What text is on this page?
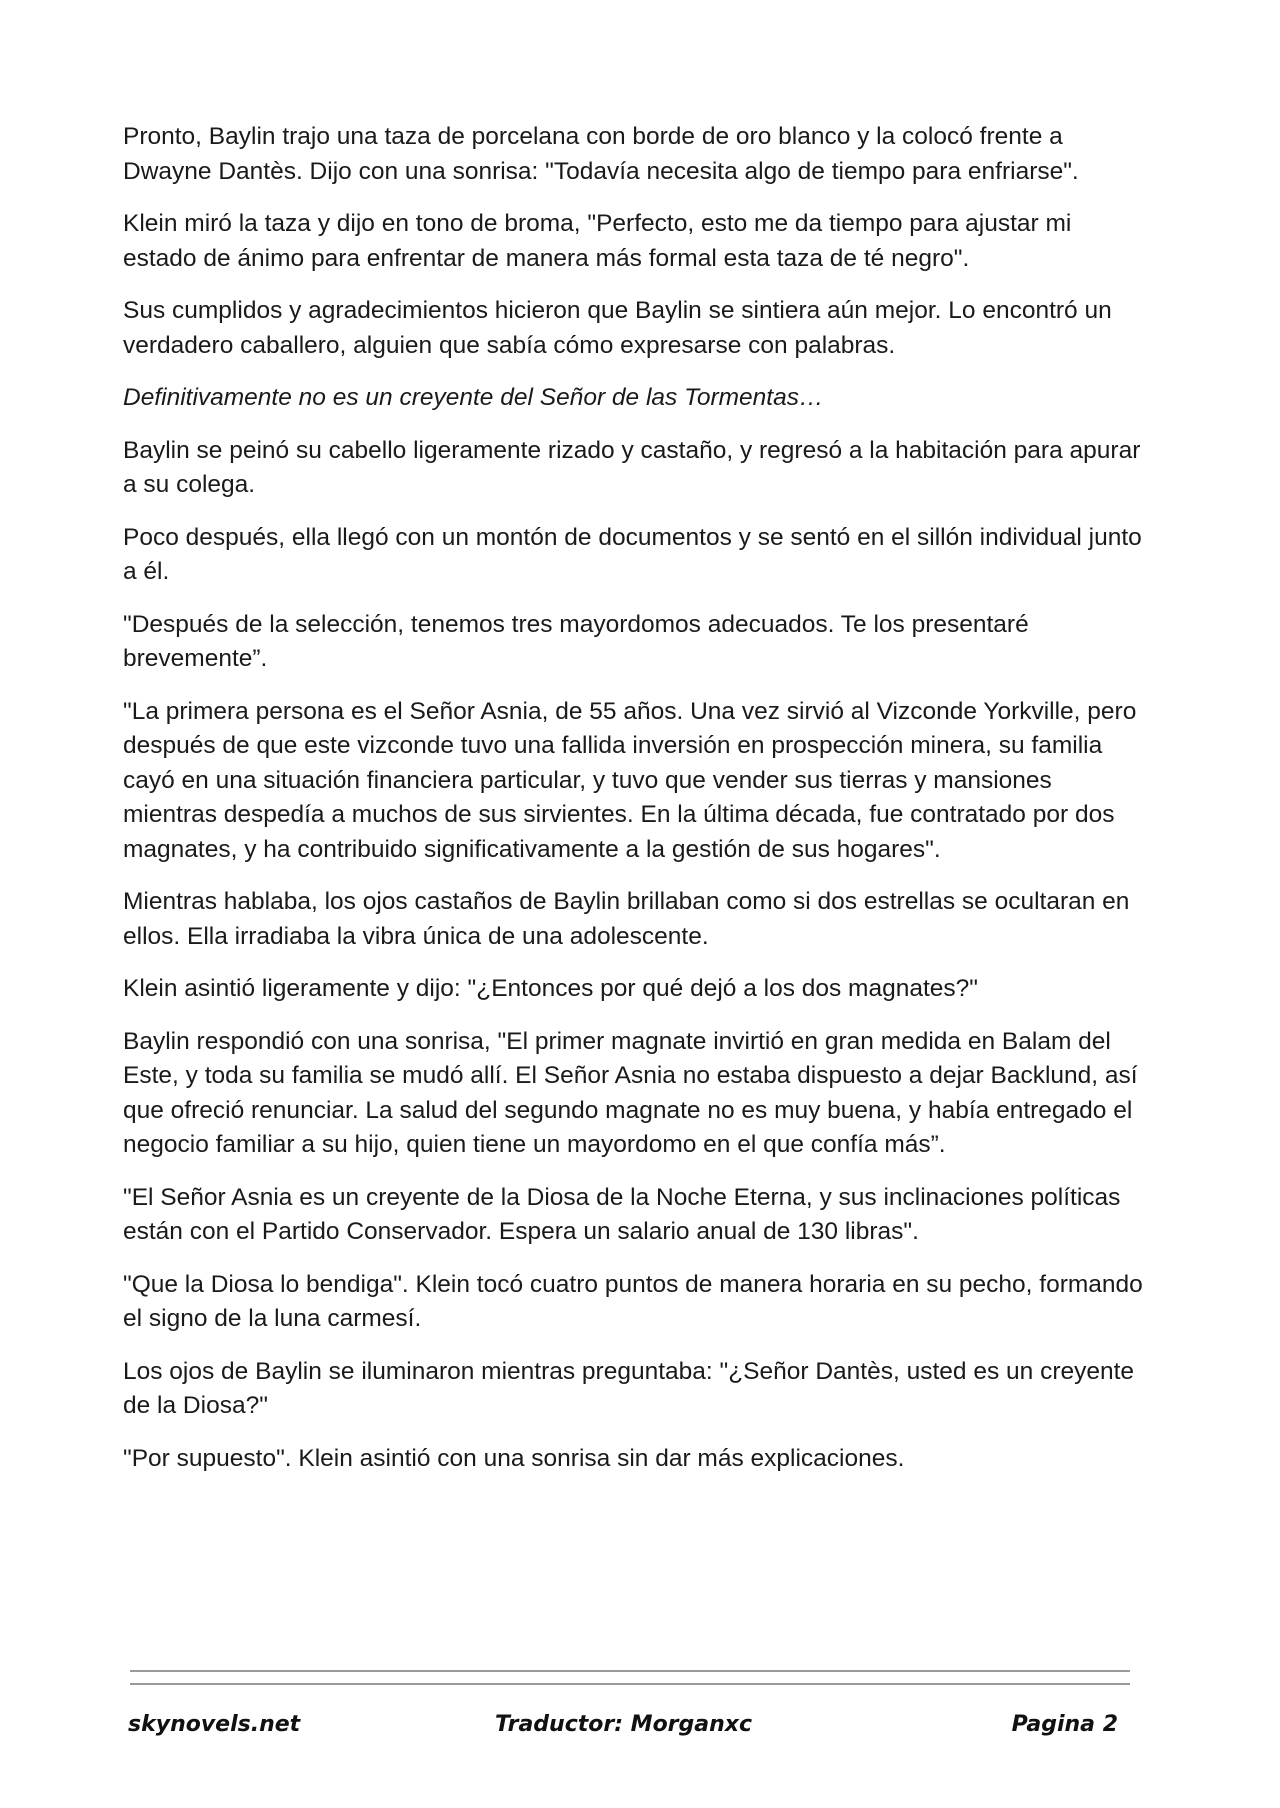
Pronto, Baylin trajo una taza de porcelana con borde de oro blanco y la colocó frente a Dwayne Dantès. Dijo con una sonrisa: "Todavía necesita algo de tiempo para enfriarse".

Klein miró la taza y dijo en tono de broma, "Perfecto, esto me da tiempo para ajustar mi estado de ánimo para enfrentar de manera más formal esta taza de té negro".

Sus cumplidos y agradecimientos hicieron que Baylin se sintiera aún mejor. Lo encontró un verdadero caballero, alguien que sabía cómo expresarse con palabras.

Definitivamente no es un creyente del Señor de las Tormentas…

Baylin se peinó su cabello ligeramente rizado y castaño, y regresó a la habitación para apurar a su colega.

Poco después, ella llegó con un montón de documentos y se sentó en el sillón individual junto a él.

"Después de la selección, tenemos tres mayordomos adecuados. Te los presentaré brevemente”.

"La primera persona es el Señor Asnia, de 55 años. Una vez sirvió al Vizconde Yorkville, pero después de que este vizconde tuvo una fallida inversión en prospección minera, su familia cayó en una situación financiera particular, y tuvo que vender sus tierras y mansiones mientras despedía a muchos de sus sirvientes. En la última década, fue contratado por dos magnates, y ha contribuido significativamente a la gestión de sus hogares".

Mientras hablaba, los ojos castaños de Baylin brillaban como si dos estrellas se ocultaran en ellos. Ella irradiaba la vibra única de una adolescente.

Klein asintió ligeramente y dijo: "¿Entonces por qué dejó a los dos magnates?"

Baylin respondió con una sonrisa, "El primer magnate invirtió en gran medida en Balam del Este, y toda su familia se mudó allí. El Señor Asnia no estaba dispuesto a dejar Backlund, así que ofreció renunciar. La salud del segundo magnate no es muy buena, y había entregado el negocio familiar a su hijo, quien tiene un mayordomo en el que confía más”.

"El Señor Asnia es un creyente de la Diosa de la Noche Eterna, y sus inclinaciones políticas están con el Partido Conservador. Espera un salario anual de 130 libras".

"Que la Diosa lo bendiga". Klein tocó cuatro puntos de manera horaria en su pecho, formando el signo de la luna carmesí.

Los ojos de Baylin se iluminaron mientras preguntaba: "¿Señor Dantès, usted es un creyente de la Diosa?"

"Por supuesto". Klein asintió con una sonrisa sin dar más explicaciones.

skynovels.net	Traductor: Morganxc	Pagina 2
